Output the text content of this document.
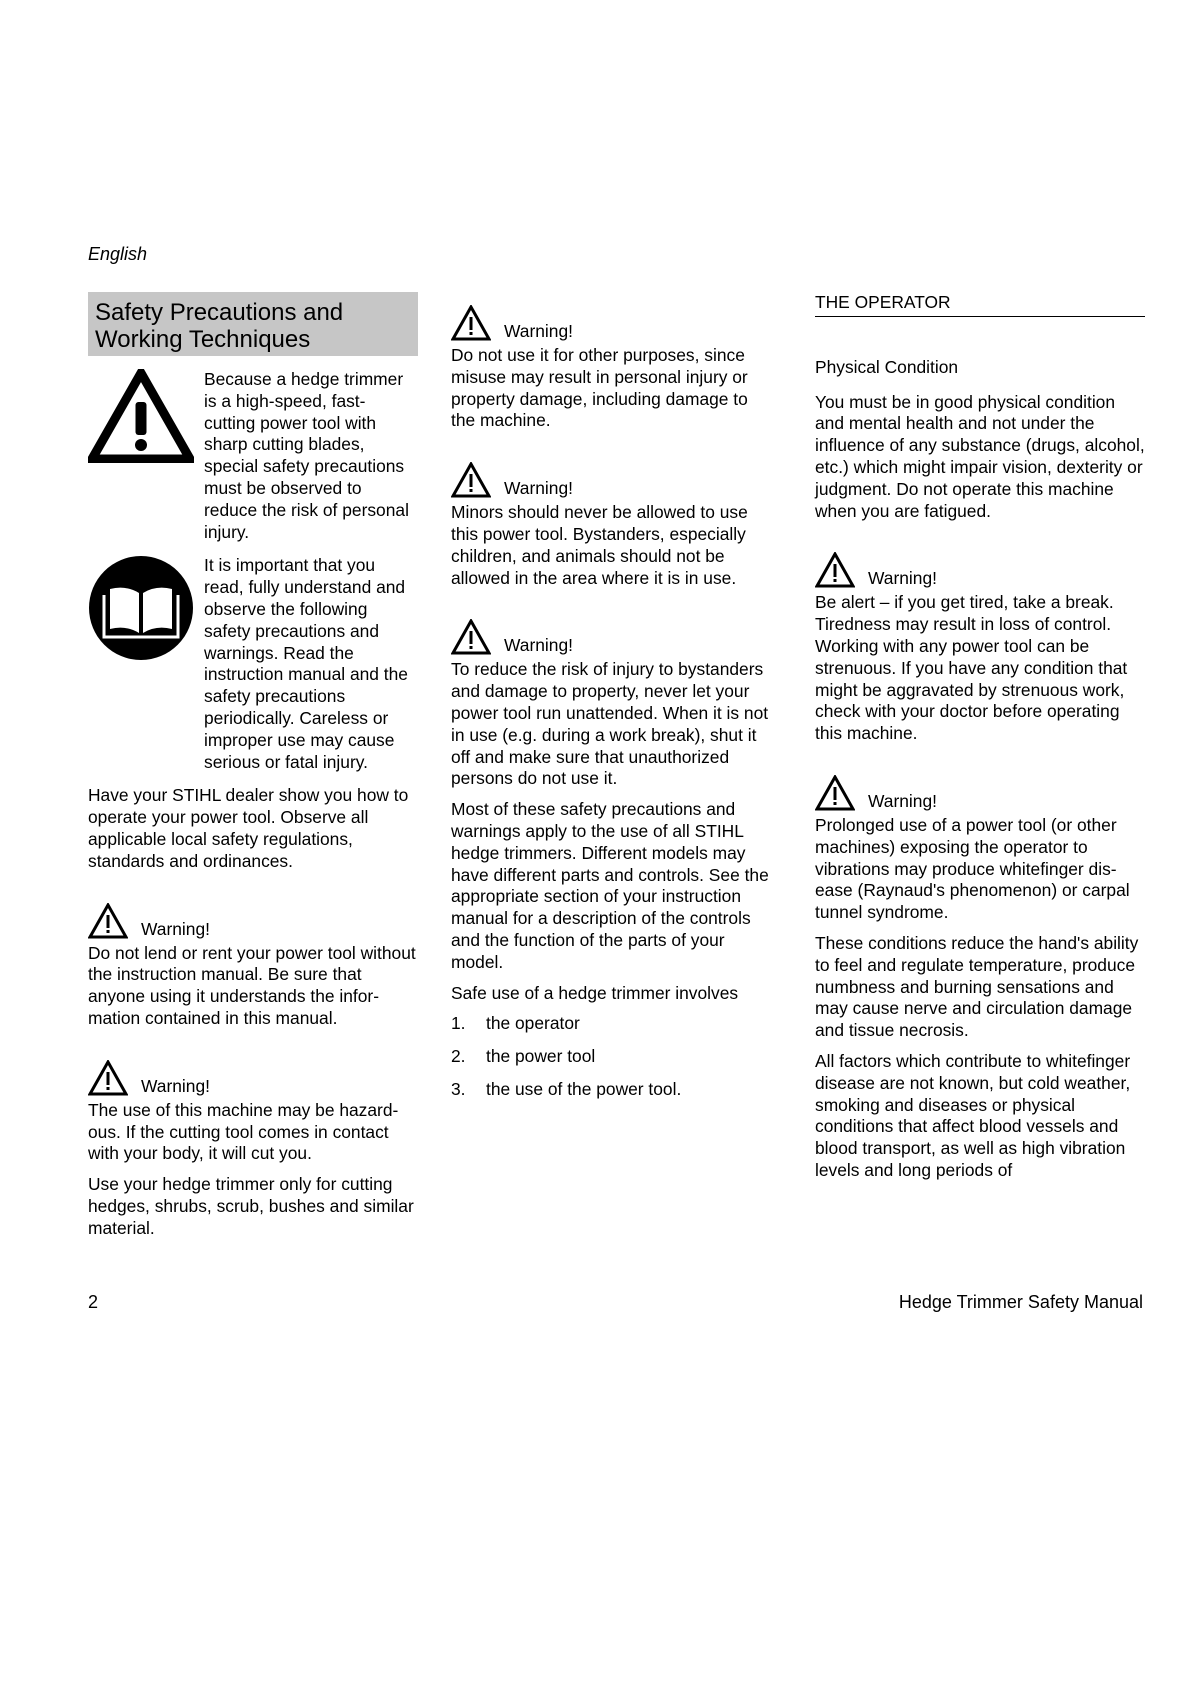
English
Safety Precautions and
Working Techniques
Because a hedge trimmer is a high-speed, fast-cutting power tool with sharp cutting blades, special safety precautions must be observed to reduce the risk of personal injury.
It is important that you read, fully understand and observe the following safety precautions and warnings. Read the instruction manual and the safety precautions periodically. Careless or improper use may cause serious or fatal injury.

Have your STIHL dealer show you how to operate your power tool. Observe all applicable local safety regulations, standards and ordinances.

Warning!

Do not lend or rent your power tool without the instruction manual. Be sure that anyone using it understands the information contained in this manual.

Warning!

The use of this machine may be hazardous. If the cutting tool comes in contact with your body, it will cut you.

Use your hedge trimmer only for cutting hedges, shrubs, scrub, bushes and similar material.

Warning!

Do not use it for other purposes, since misuse may result in personal injury or property damage, including damage to the machine.

Warning!

Minors should never be allowed to use this power tool. Bystanders, especially children, and animals should not be allowed in the area where it is in use.

Warning!

To reduce the risk of injury to bystanders and damage to property, never let your power tool run unattended. When it is not in use (e.g. during a work break), shut it off and make sure that unauthorized persons do not use it.

Most of these safety precautions and warnings apply to the use of all STIHL hedge trimmers. Different models may have different parts and controls. See the appropriate section of your instruction manual for a description of the controls and the function of the parts of your model.

Safe use of a hedge trimmer involves

1.	the operator
2.	the power tool
3.	the use of the power tool.
THE OPERATOR
Physical Condition

You must be in good physical condition and mental health and not under the influence of any substance (drugs, alcohol, etc.) which might impair vision, dexterity or judgment. Do not operate this machine when you are fatigued.

Warning!

Be alert – if you get tired, take a break. Tiredness may result in loss of control. Working with any power tool can be strenuous. If you have any condition that might be aggravated by strenuous work, check with your doctor before operating this machine.

Warning!

Prolonged use of a power tool (or other machines) exposing the operator to vibrations may produce whitefinger disease (Raynaud's phenomenon) or carpal tunnel syndrome.

These conditions reduce the hand's ability to feel and regulate temperature, produce numbness and burning sensations and may cause nerve and circulation damage and tissue necrosis.

All factors which contribute to whitefinger disease are not known, but cold weather, smoking and diseases or physical conditions that affect blood vessels and blood transport, as well as high vibration levels and long periods of

2	Hedge Trimmer Safety Manual
